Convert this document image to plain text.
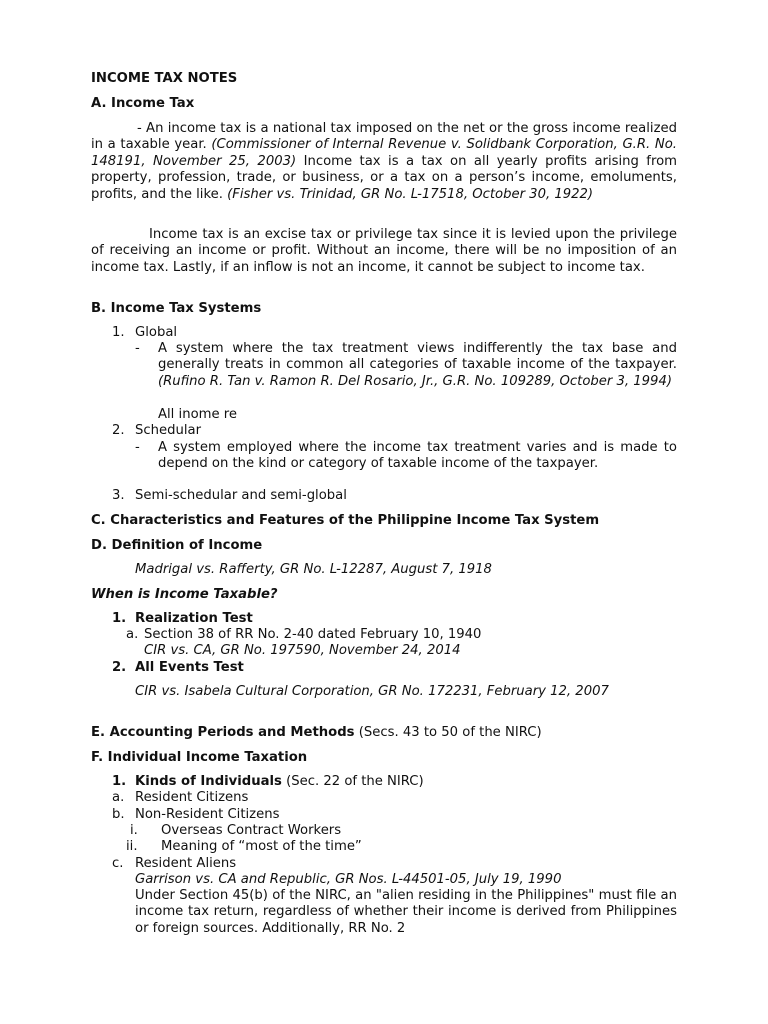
INCOME TAX NOTES
A. Income Tax

- An income tax is a national tax imposed on the net or the gross income realized in a taxable year. (Commissioner of Internal Revenue v. Solidbank Corporation, G.R. No. 148191, November 25, 2003) Income tax is a tax on all yearly profits arising from property, profession, trade, or business, or a tax on a person’s income, emoluments, profits, and the like. (Fisher vs. Trinidad, GR No. L-17518, October 30, 1922)

Income tax is an excise tax or privilege tax since it is levied upon the privilege of receiving an income or profit. Without an income, there will be no imposition of an income tax. Lastly, if an inflow is not an income, it cannot be subject to income tax.

B. Income Tax Systems
1. Global
- A system where the tax treatment views indifferently the tax base and generally treats in common all categories of taxable income of the taxpayer. (Rufino R. Tan v. Ramon R. Del Rosario, Jr., G.R. No. 109289, October 3, 1994)

All inome re
2. Schedular
- A system employed where the income tax treatment varies and is made to depend on the kind or category of taxable income of the taxpayer.

3. Semi-schedular and semi-global
C. Characteristics and Features of the Philippine Income Tax System
D. Definition of Income
Madrigal vs. Rafferty, GR No. L-12287, August 7, 1918
When is Income Taxable?
1. Realization Test
a. Section 38 of RR No. 2-40 dated February 10, 1940
CIR vs. CA, GR No. 197590, November 24, 2014
2. All Events Test

CIR vs. Isabela Cultural Corporation, GR No. 172231, February 12, 2007

E. Accounting Periods and Methods (Secs. 43 to 50 of the NIRC)
F. Individual Income Taxation
1. Kinds of Individuals (Sec. 22 of the NIRC)
a. Resident Citizens
b. Non-Resident Citizens
i. Overseas Contract Workers
ii. Meaning of “most of the time”
c. Resident Aliens
Garrison vs. CA and Republic, GR Nos. L-44501-05, July 19, 1990

Under Section 45(b) of the NIRC, an "alien residing in the Philippines" must file an income tax return, regardless of whether their income is derived from Philippines or foreign sources. Additionally, RR No. 2
